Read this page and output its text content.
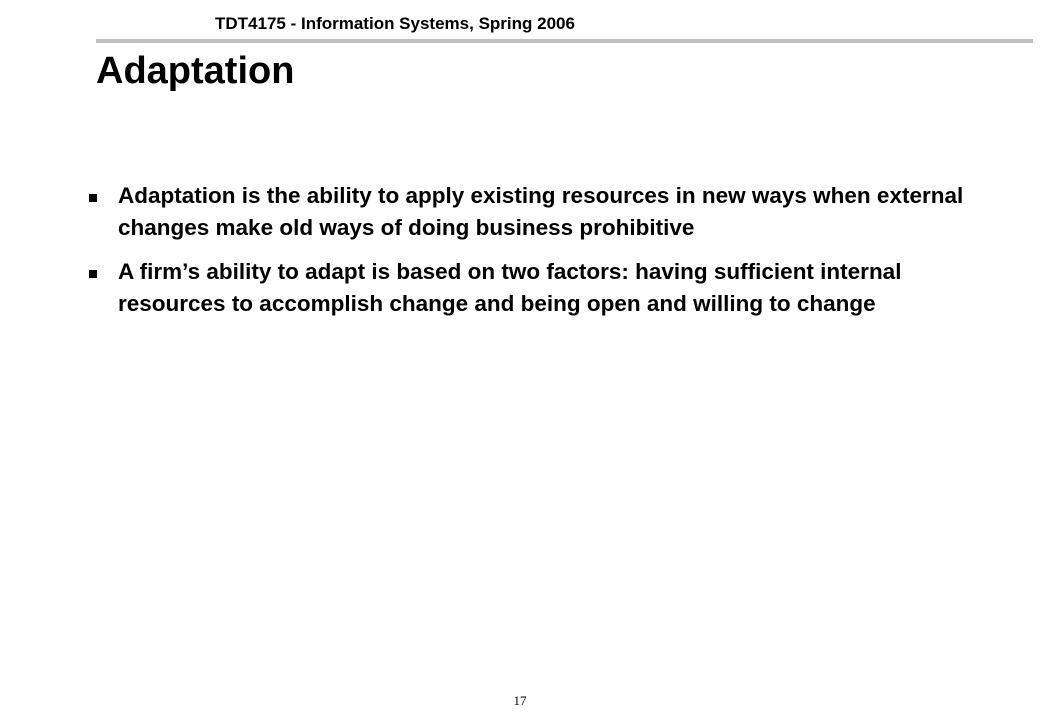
TDT4175 - Information Systems, Spring 2006
Adaptation
Adaptation is the ability to apply existing resources in new ways when external changes make old ways of doing business prohibitive
A firm’s ability to adapt is based on two factors: having sufficient internal resources to accomplish change and being open and willing to change
17
